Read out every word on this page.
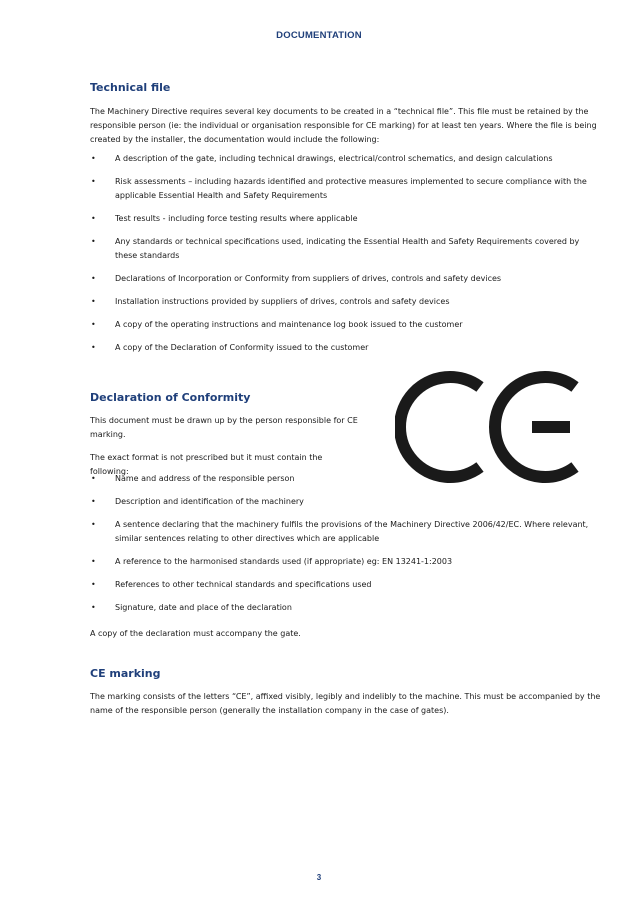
DOCUMENTATION
Technical file

The Machinery Directive requires several key documents to be created in a “technical file”. This file must be retained by the responsible person (ie: the individual or organisation responsible for CE marking) for at least ten years. Where the file is being created by the installer, the documentation would include the following:

• A description of the gate, including technical drawings, electrical/control schematics, and design calculations
• Risk assessments – including hazards identified and protective measures implemented to secure compliance with the applicable Essential Health and Safety Requirements
• Test results - including force testing results where applicable
• Any standards or technical specifications used, indicating the Essential Health and Safety Requirements covered by these standards
• Declarations of Incorporation or Conformity from suppliers of drives, controls and safety devices
• Installation instructions provided by suppliers of drives, controls and safety devices
• A copy of the operating instructions and maintenance log book issued to the customer
• A copy of the Declaration of Conformity issued to the customer
Declaration of Conformity

This document must be drawn up by the person responsible for CE marking.

The exact format is not prescribed but it must contain the following:

• Name and address of the responsible person
• Description and identification of the machinery
• A sentence declaring that the machinery fulfils the provisions of the Machinery Directive 2006/42/EC. Where relevant, similar sentences relating to other directives which are applicable
• A reference to the harmonised standards used (if appropriate) eg: EN 13241-1:2003
• References to other technical standards and specifications used
• Signature, date and place of the declaration

A copy of the declaration must accompany the gate.

CE marking

The marking consists of the letters “CE”, affixed visibly, legibly and indelibly to the machine. This must be accompanied by the name of the responsible person (generally the installation company in the case of gates).

3
